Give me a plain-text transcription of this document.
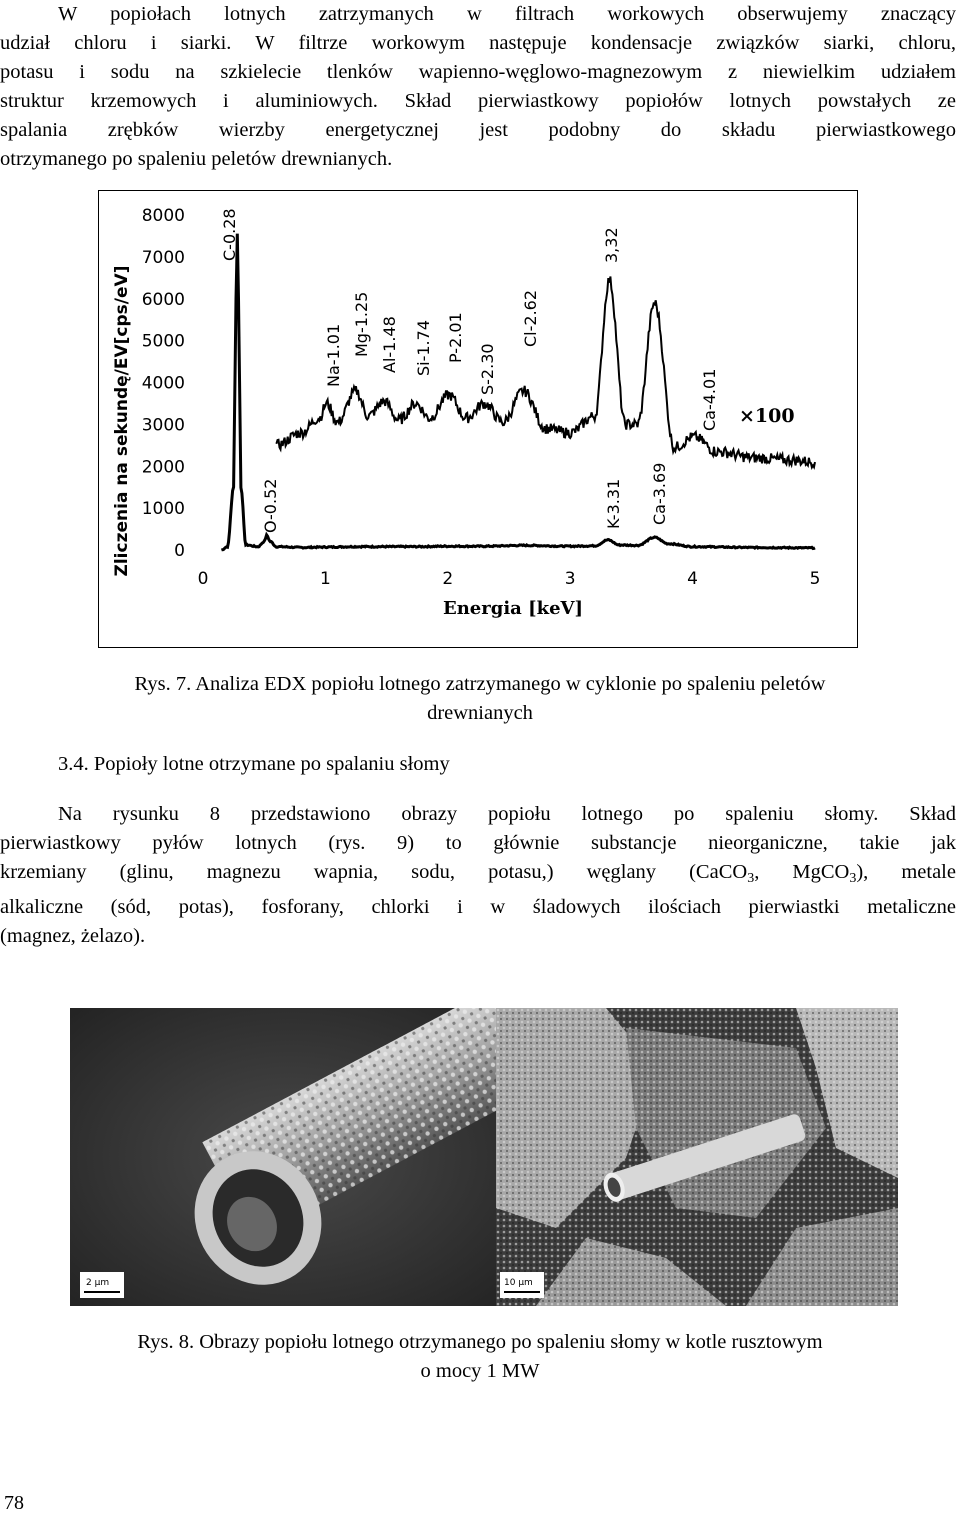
W popiołach lotnych zatrzymanych w filtrach workowych obserwujemy znaczący
udział chloru i siarki. W filtrze workowym następuje kondensacje związków siarki, chloru,
potasu i sodu na szkielecie tlenków wapienno-węglowo-magnezowym z niewielkim udziałem
struktur krzemowych i aluminiowych. Skład pierwiastkowy popiołów lotnych powstałych ze
spalania zrębków wierzby energetycznej jest podobny do składu pierwiastkowego
otrzymanego po spaleniu peletów drewnianych.
0
1000
2000
3000
4000
5000
6000
7000
8000
0	1	2	3	4	5
C-0.28
O-0.52
Na-1.01 Mg-1.25 Al-1.48 Si-1.74 P-2.01
S-2.30
Cl-2.62
3,32
K-3.31 Ca-3.69
Ca-4.01
Zliczenia na sekundę/EV[cps/eV]
Energia [keV]
×100
Rys. 7. Analiza EDX popiołu lotnego zatrzymanego w cyklonie po spaleniu peletów
drewnianych
3.4. Popioły lotne otrzymane po spalaniu słomy
Na rysunku 8 przedstawiono obrazy popiołu lotnego po spaleniu słomy. Skład
pierwiastkowy pyłów lotnych (rys. 9) to głównie substancje nieorganiczne, takie jak
krzemiany (glinu, magnezu wapnia, sodu, potasu,) węglany (CaCO$_3$, MgCO$_3$), metale
alkaliczne (sód, potas), fosforany, chlorki i w śladowych ilościach pierwiastki metaliczne
(magnez, żelazo).
2 µm	10 µm
Rys. 8. Obrazy popiołu lotnego otrzymanego po spaleniu słomy w kotle rusztowym
o mocy 1 MW
78
